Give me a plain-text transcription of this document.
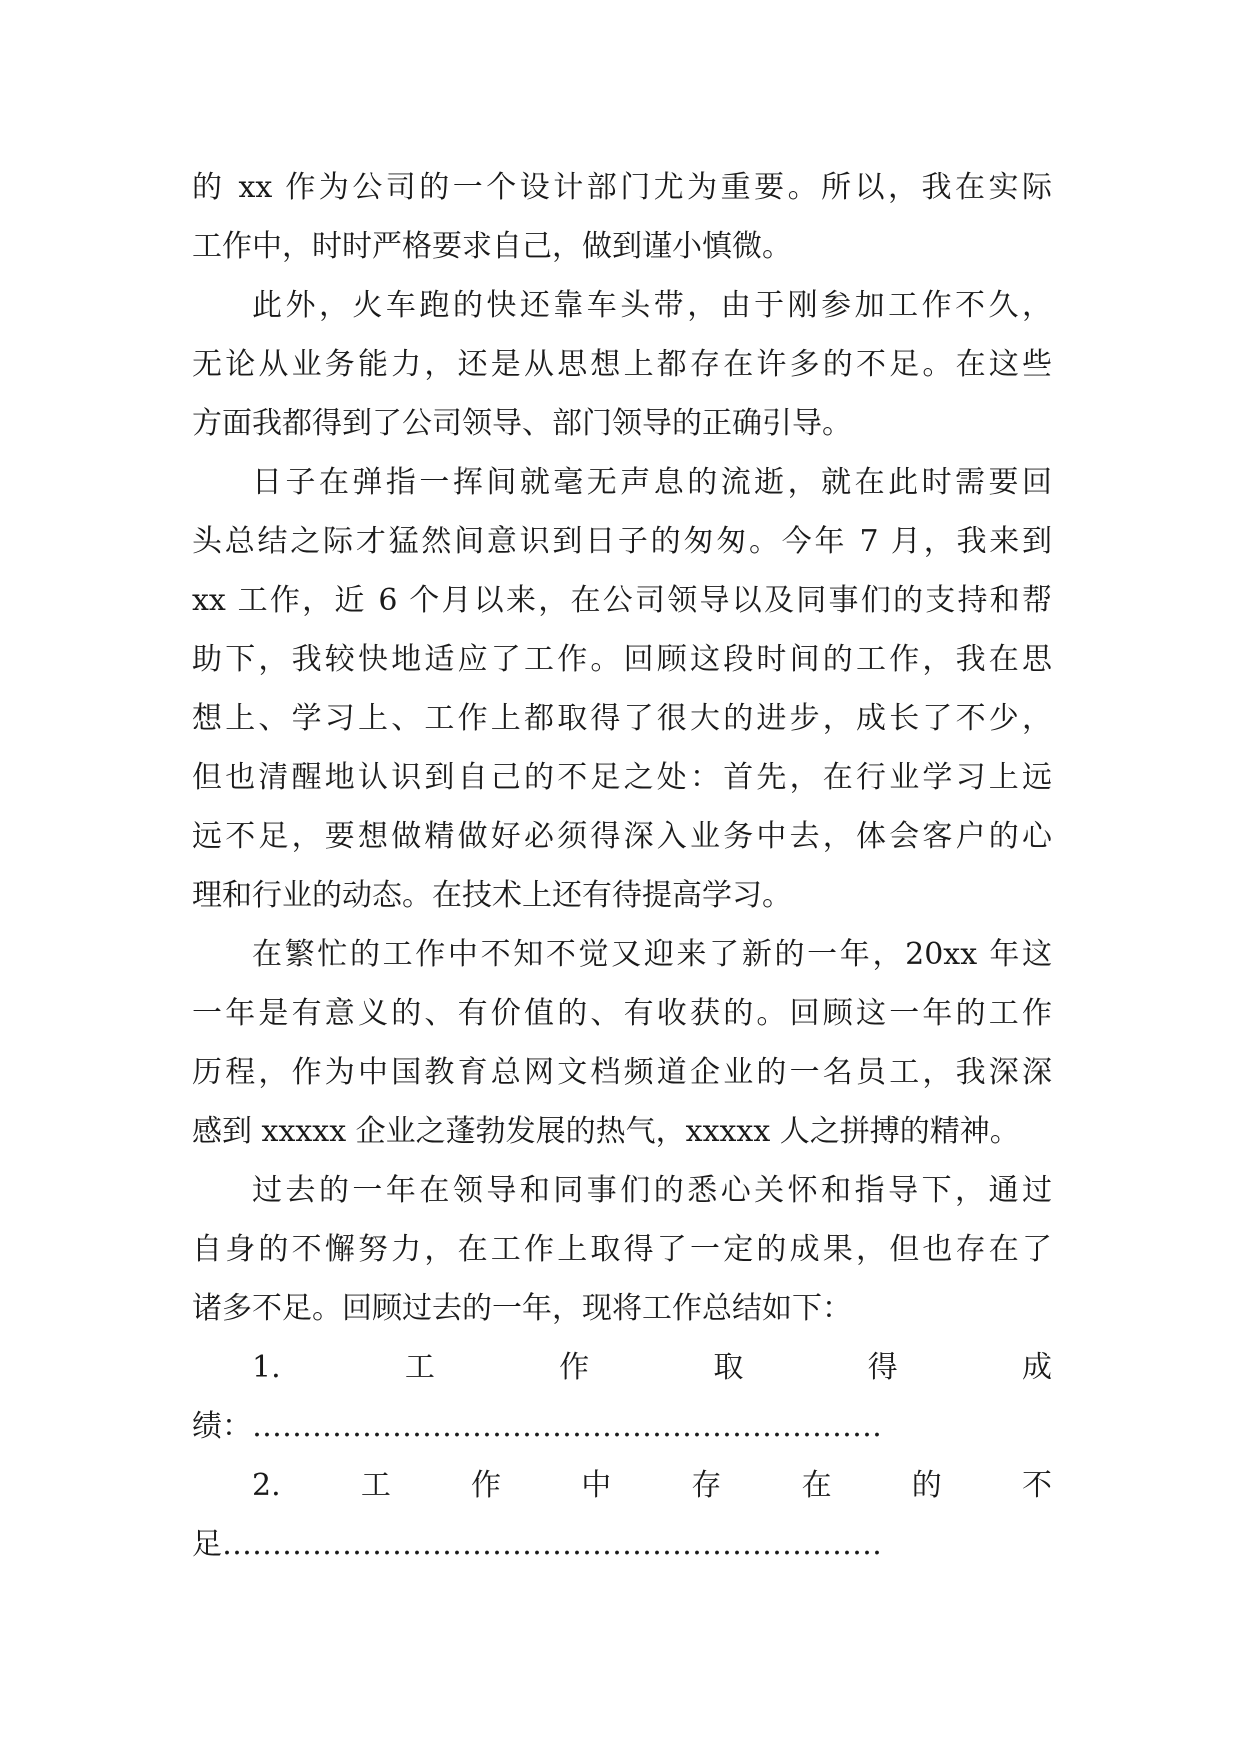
的 xx 作为公司的一个设计部门尤为重要。所以，我在实际
工作中，时时严格要求自己，做到谨小慎微。
此外，火车跑的快还靠车头带，由于刚参加工作不久，
无论从业务能力，还是从思想上都存在许多的不足。在这些
方面我都得到了公司领导、部门领导的正确引导。
日子在弹指一挥间就毫无声息的流逝，就在此时需要回
头总结之际才猛然间意识到日子的匆匆。今年 7 月，我来到
xx 工作，近 6 个月以来，在公司领导以及同事们的支持和帮
助下，我较快地适应了工作。回顾这段时间的工作，我在思
想上、学习上、工作上都取得了很大的进步，成长了不少，
但也清醒地认识到自己的不足之处：首先，在行业学习上远
远不足，要想做精做好必须得深入业务中去，体会客户的心
理和行业的动态。在技术上还有待提高学习。
在繁忙的工作中不知不觉又迎来了新的一年，20xx 年这
一年是有意义的、有价值的、有收获的。回顾这一年的工作
历程，作为中国教育总网文档频道企业的一名员工，我深深
感到 xxxxx 企业之蓬勃发展的热气，xxxxx 人之拼搏的精神。
过去的一年在领导和同事们的悉心关怀和指导下，通过
自身的不懈努力，在工作上取得了一定的成果，但也存在了
诸多不足。回顾过去的一年，现将工作总结如下：
1.	工	作	取	得	成
绩：………………………………………………………
2.	工	作	中	存	在	的	不
足…………………………………………………………
